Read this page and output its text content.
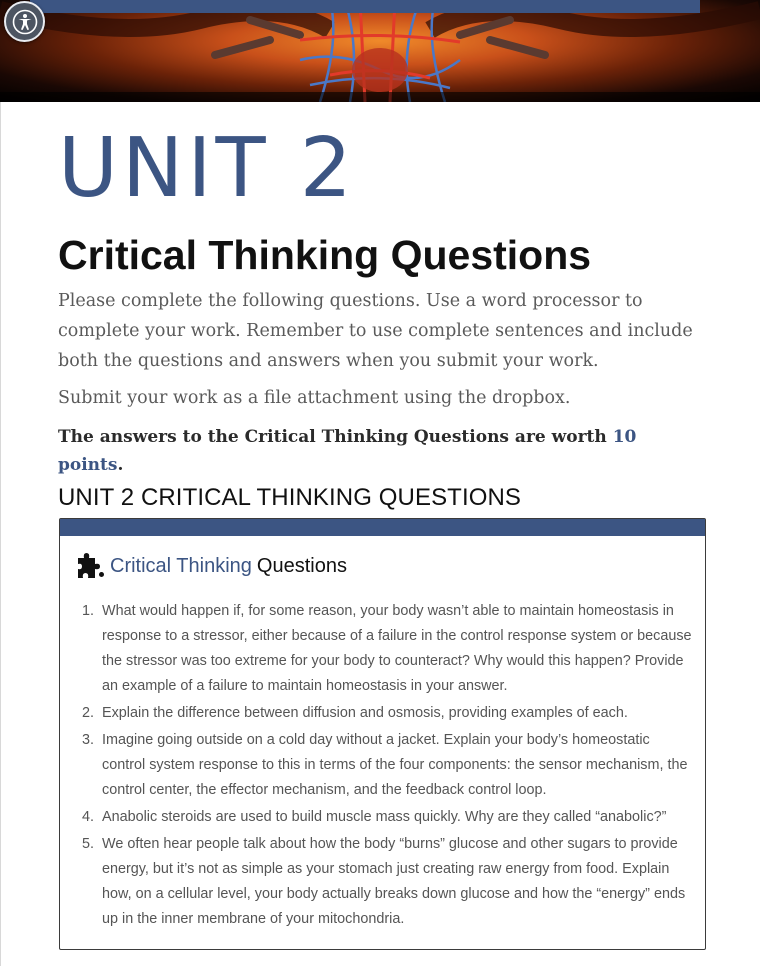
UNIT 2
Critical Thinking Questions

Please complete the following questions. Use a word processor to complete your work. Remember to use complete sentences and include both the questions and answers when you submit your work.

Submit your work as a file attachment using the dropbox.

The answers to the Critical Thinking Questions are worth 10 points.

UNIT 2 CRITICAL THINKING QUESTIONS
Critical Thinking Questions
1. What would happen if, for some reason, your body wasn’t able to maintain homeostasis in response to a stressor, either because of a failure in the control response system or because the stressor was too extreme for your body to counteract? Why would this happen? Provide an example of a failure to maintain homeostasis in your answer.
2. Explain the difference between diffusion and osmosis, providing examples of each.
3. Imagine going outside on a cold day without a jacket. Explain your body’s homeostatic control system response to this in terms of the four components: the sensor mechanism, the control center, the effector mechanism, and the feedback control loop.
4. Anabolic steroids are used to build muscle mass quickly. Why are they called “anabolic?”
5. We often hear people talk about how the body “burns” glucose and other sugars to provide energy, but it’s not as simple as your stomach just creating raw energy from food. Explain how, on a cellular level, your body actually breaks down glucose and how the “energy” ends up in the inner membrane of your mitochondria.
